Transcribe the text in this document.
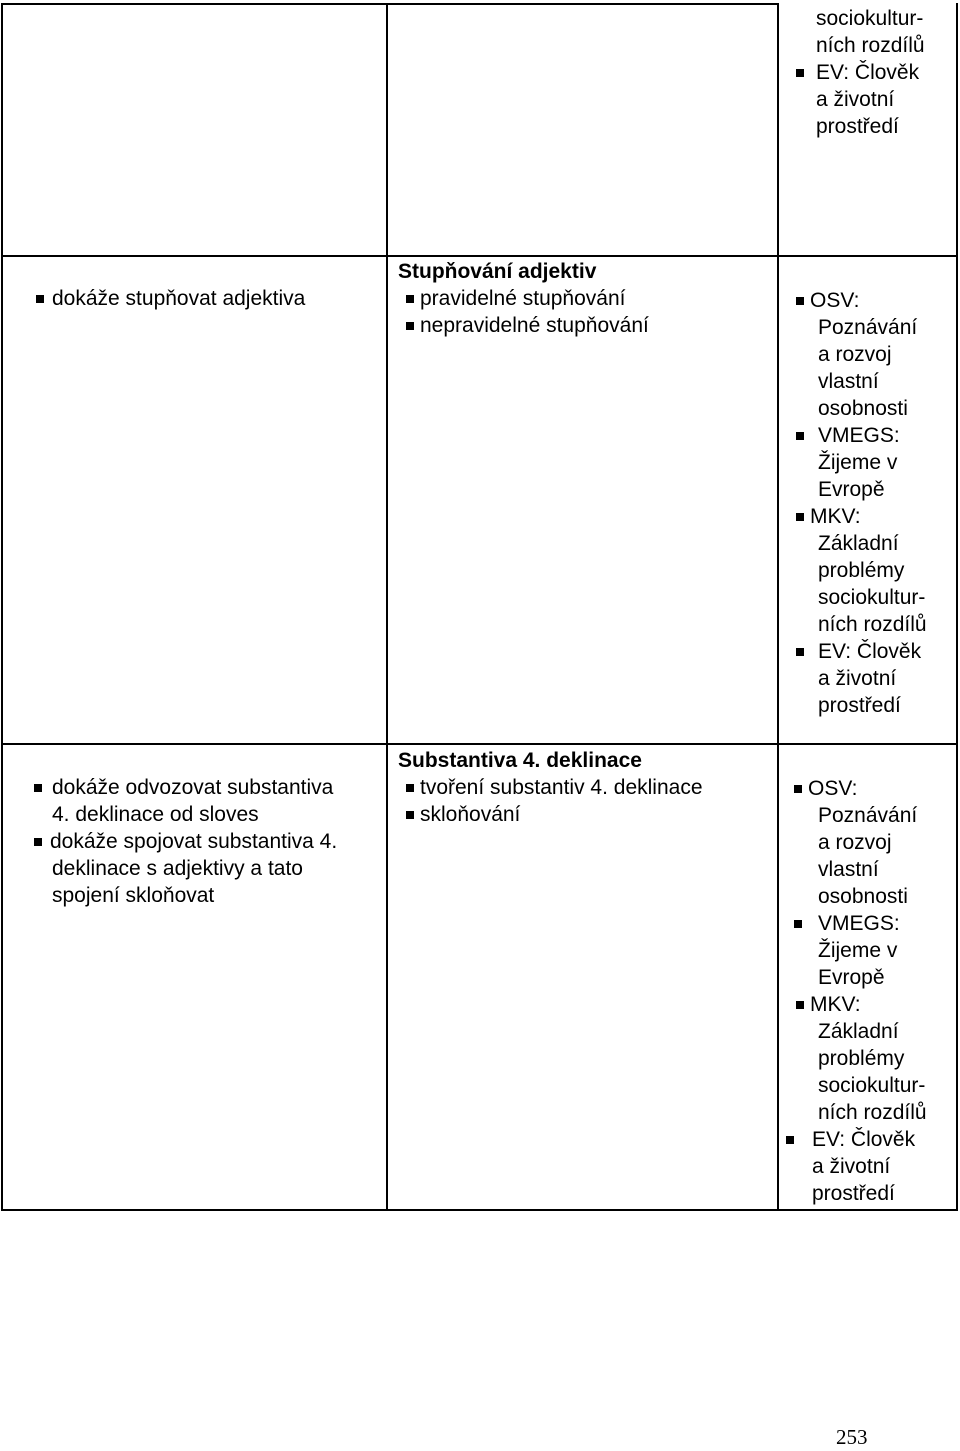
sociokultur-
ních rozdílů
EV: Člověk
a životní
prostředí
dokáže stupňovat adjektiva
Stupňování adjektiv
pravidelné stupňování
nepravidelné stupňování
OSV:
Poznávání
a rozvoj
vlastní
osobnosti
VMEGS:
Žijeme v
Evropě
MKV:
Základní
problémy
sociokultur-
ních rozdílů
EV: Člověk
a životní
prostředí
dokáže odvozovat substantiva
4. deklinace od sloves
dokáže spojovat substantiva 4.
deklinace s adjektivy a tato
spojení skloňovat
Substantiva 4. deklinace
tvoření substantiv 4. deklinace
skloňování
OSV:
Poznávání
a rozvoj
vlastní
osobnosti
VMEGS:
Žijeme v
Evropě
MKV:
Základní
problémy
sociokultur-
ních rozdílů
EV: Člověk
a životní
prostředí
253
